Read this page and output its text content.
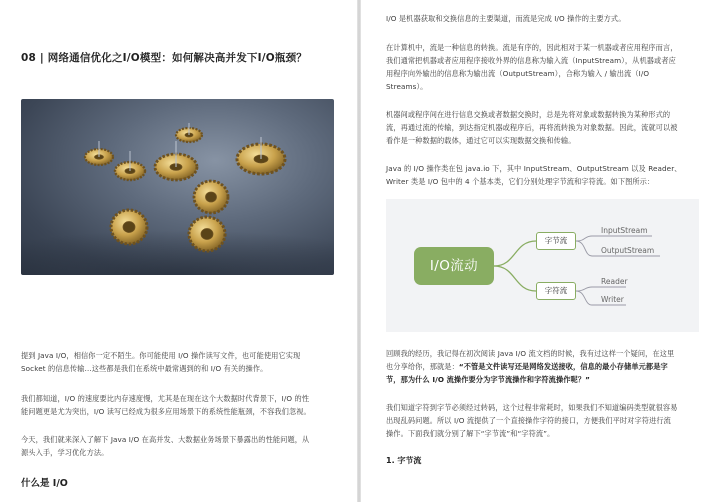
08 | 网络通信优化之I/O模型：如何解决高并发下I/O瓶颈？

提到 Java I/O，相信你一定不陌生。你可能使用 I/O 操作读写文件，也可能使用它实现

Socket 的信息传输…这些都是我们在系统中最常遇到的和 I/O 有关的操作。

我们都知道，I/O 的速度要比内存速度慢，尤其是在现在这个大数据时代背景下，I/O 的性

能问题更是尤为突出，I/O 读写已经成为很多应用场景下的系统性能瓶颈，不容我们忽视。

今天，我们就来深入了解下 Java I/O 在高并发、大数据业务场景下暴露出的性能问题，从

源头入手，学习优化方法。

什么是 I/O

I/O 是机器获取和交换信息的主要渠道，而流是完成 I/O 操作的主要方式。

在计算机中，流是一种信息的转换。流是有序的，因此相对于某一机器或者应用程序而言，

我们通常把机器或者应用程序接收外界的信息称为输入流（InputStream），从机器或者应

用程序向外输出的信息称为输出流（OutputStream），合称为输入 / 输出流（I/O

Streams）。

机器间或程序间在进行信息交换或者数据交换时，总是先将对象或数据转换为某种形式的

流，再通过流的传输，到达指定机器或程序后，再将流转换为对象数据。因此，流就可以被

看作是一种数据的载体，通过它可以实现数据交换和传输。

Java 的 I/O 操作类在包 java.io 下，其中 InputStream、OutputStream 以及 Reader、

Writer 类是 I/O 包中的 4 个基本类，它们分别处理字节流和字符流。如下图所示：

回顾我的经历，我记得在初次阅读 Java I/O 流文档的时候，我有过这样一个疑问，在这里

也分享给你，那就是：“不管是文件读写还是网络发送接收，信息的最小存储单元都是字

节，那为什么 I/O 流操作要分为字节流操作和字符流操作呢？”

我们知道字符到字节必须经过转码，这个过程非常耗时，如果我们不知道编码类型就很容易

出现乱码问题。所以 I/O 流提供了一个直接操作字符的接口，方便我们平时对字符进行流

操作。下面我们就分别了解下“字节流”和“字符流”。

1. 字节流
I/O流动
字节流
字符流
InputStream
OutputStream
Reader
Writer
